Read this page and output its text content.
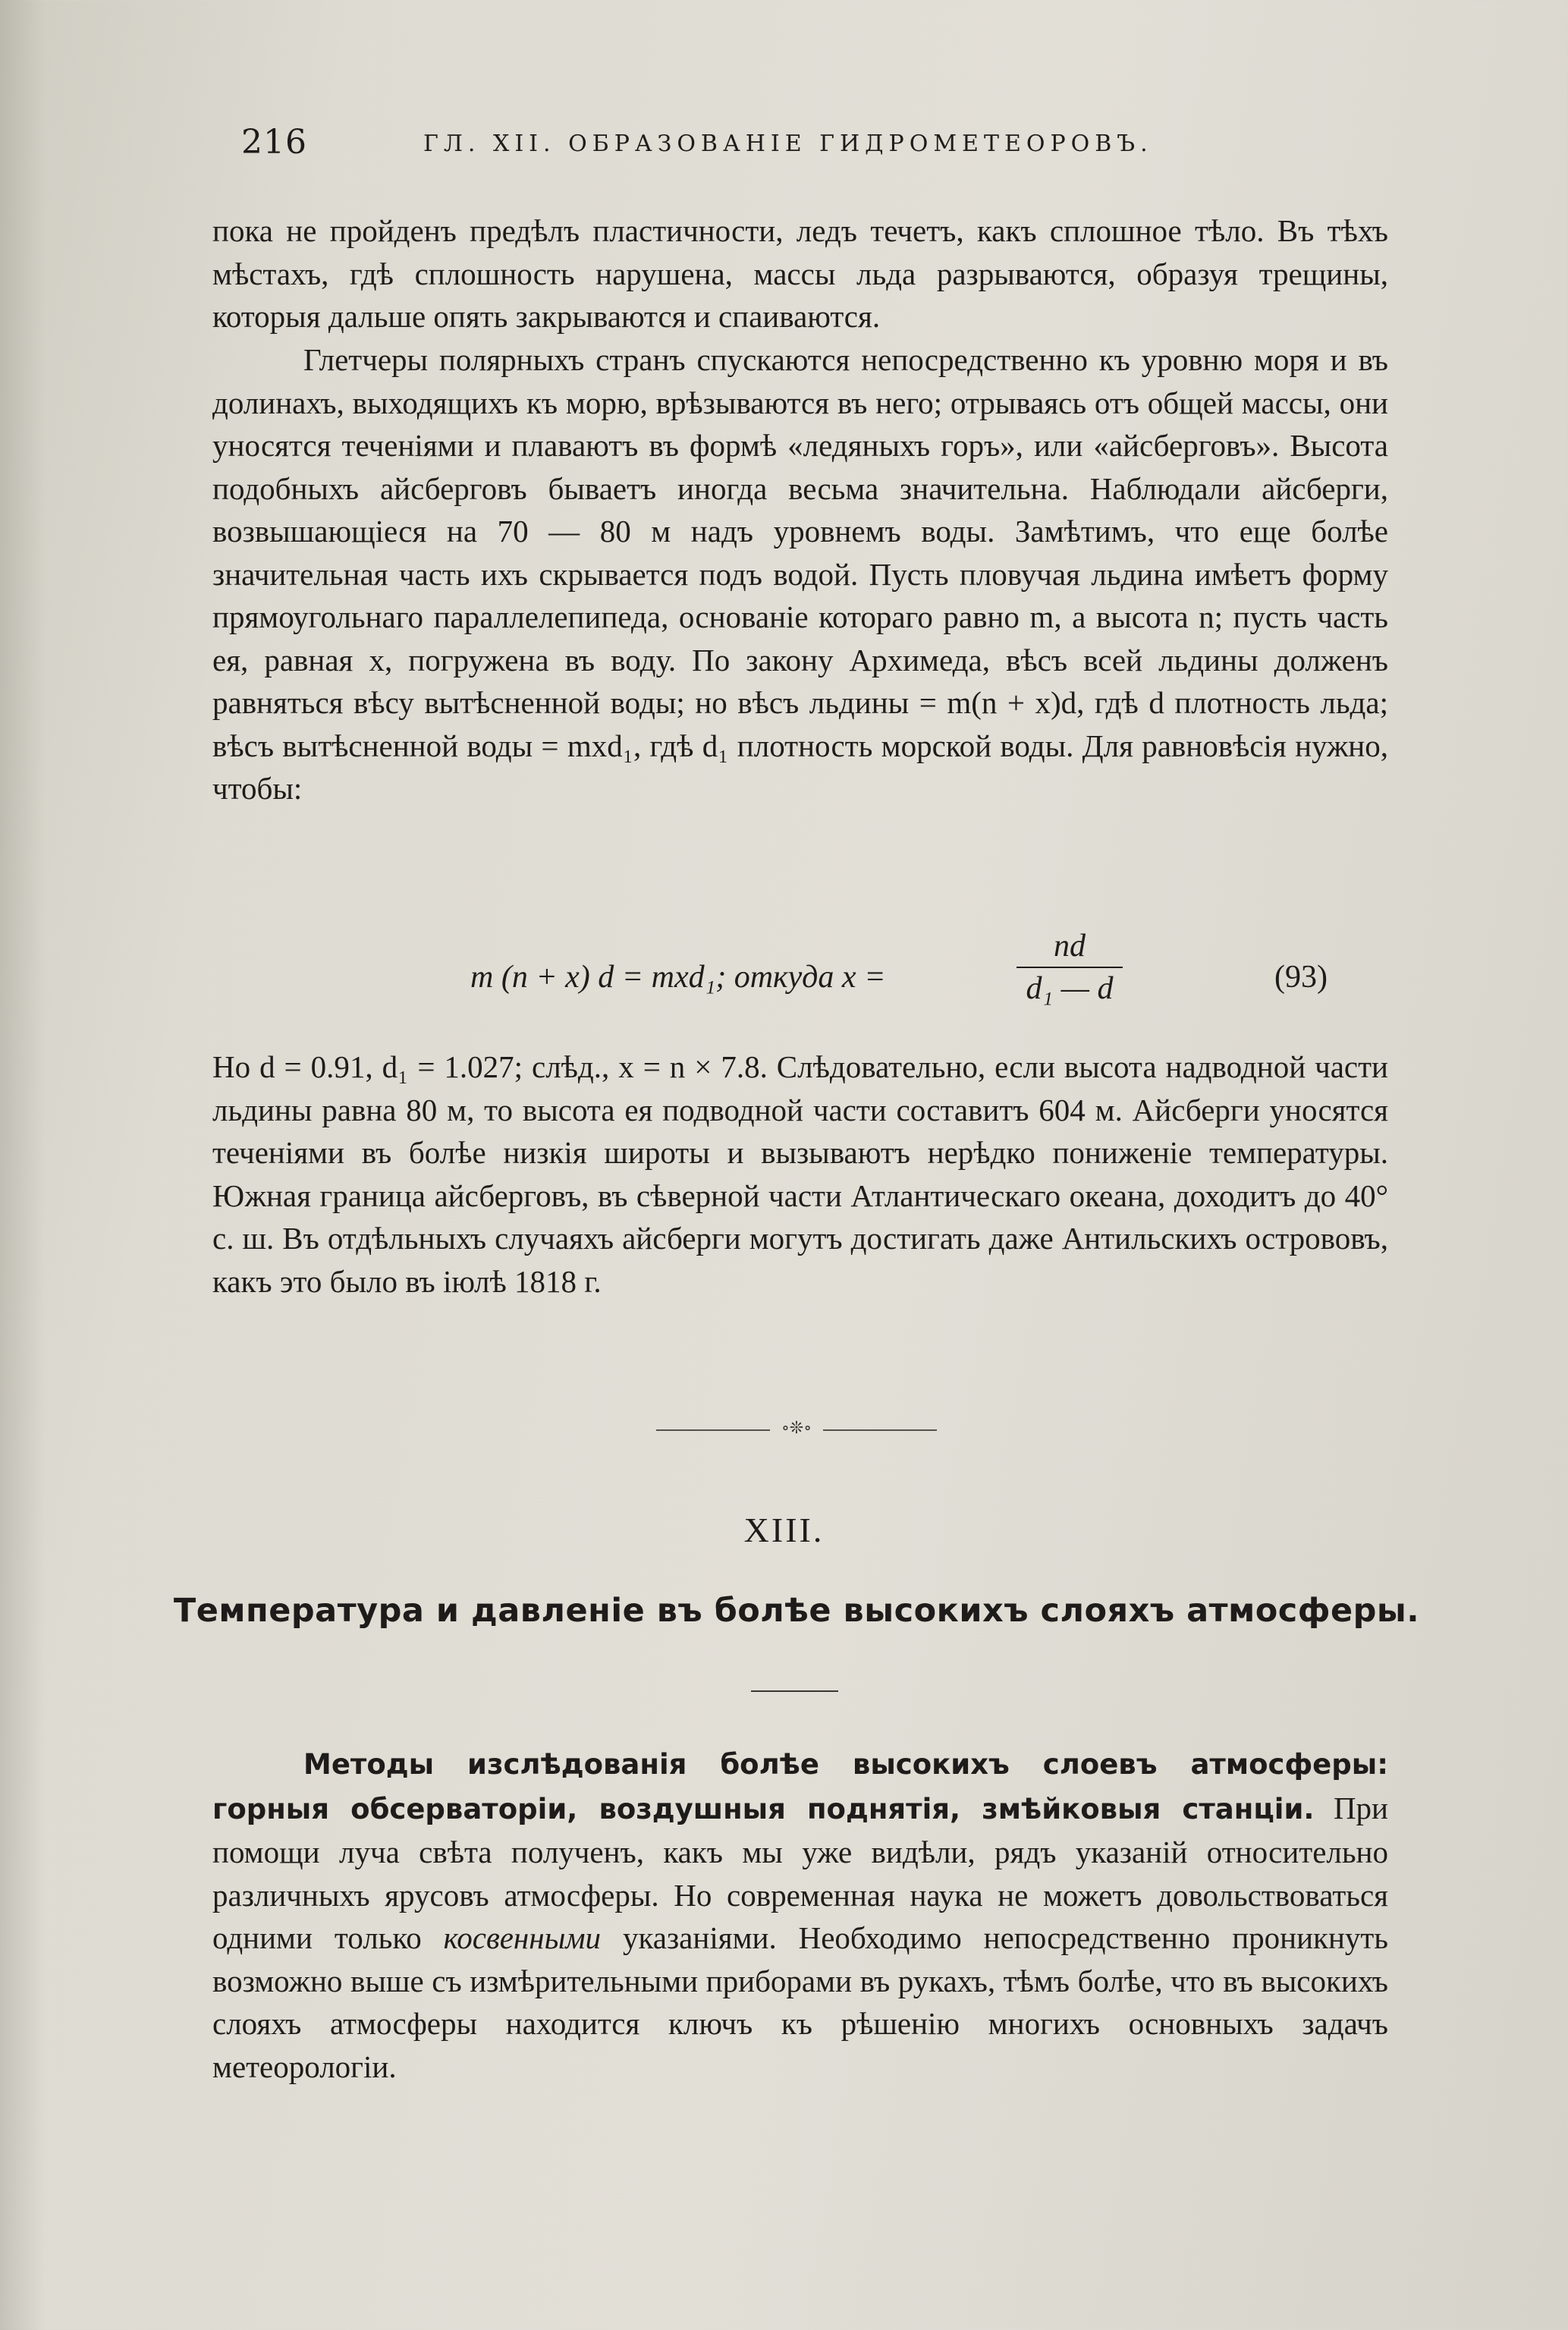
216	ГЛ. XII. ОБРАЗОВАНІЕ ГИДРОМЕТЕОРОВЪ.

пока не пройденъ предѣлъ пластичности, ледъ течетъ, какъ сплошное тѣло. Въ тѣхъ мѣстахъ, гдѣ сплошность нарушена, массы льда разрываются, образуя трещины, которыя дальше опять закрываются и спаиваются.

Глетчеры полярныхъ странъ спускаются непосредственно къ уровню моря и въ долинахъ, выходящихъ къ морю, врѣзываются въ него; отрываясь отъ общей массы, они уносятся теченіями и плаваютъ въ формѣ «ледяныхъ горъ», или «айсберговъ». Высота подобныхъ айсберговъ бываетъ иногда весьма значительна. Наблюдали айсберги, возвышающіеся на 70 — 80 м надъ уровнемъ воды. Замѣтимъ, что еще болѣе значительная часть ихъ скрывается подъ водой. Пусть пловучая льдина имѣетъ форму прямоугольнаго параллелепипеда, основаніе котораго равно m, а высота n; пусть часть ея, равная x, погружена въ воду. По закону Архимеда, вѣсъ всей льдины долженъ равняться вѣсу вытѣсненной воды; но вѣсъ льдины = m(n + x)d, гдѣ d плотность льда; вѣсъ вытѣсненной воды = mxd₁, гдѣ d₁ плотность морской воды. Для равновѣсія нужно, чтобы:

m (n + x) d = mxd₁; откуда x =
nd
d₁ — d	(93)

Но d = 0.91, d₁ = 1.027; слѣд., x = n × 7.8. Слѣдовательно, если высота надводной части льдины равна 80 м, то высота ея подводной части составитъ 604 м. Айсберги уносятся теченіями въ болѣе низкія широты и вызываютъ нерѣдко пониженіе температуры. Южная граница айсберговъ, въ сѣверной части Атлантическаго океана, доходитъ до 40° с. ш. Въ отдѣльныхъ случаяхъ айсберги могутъ достигать даже Антильскихъ острововъ, какъ это было въ іюлѣ 1818 г.

∘❊∘
XIII.
Температура и давленіе въ болѣе высокихъ слояхъ атмосферы.

Методы изслѣдованія болѣе высокихъ слоевъ атмосферы: горныя обсерваторіи, воздушныя поднятія, змѣйковыя станціи. При помощи луча свѣта полученъ, какъ мы уже видѣли, рядъ указаній относительно различныхъ ярусовъ атмосферы. Но современная наука не можетъ довольствоваться одними только косвенными указаніями. Необходимо непосредственно проникнуть возможно выше съ измѣрительными приборами въ рукахъ, тѣмъ болѣе, что въ высокихъ слояхъ атмосферы находится ключъ къ рѣшенію многихъ основныхъ задачъ метеорологіи.
